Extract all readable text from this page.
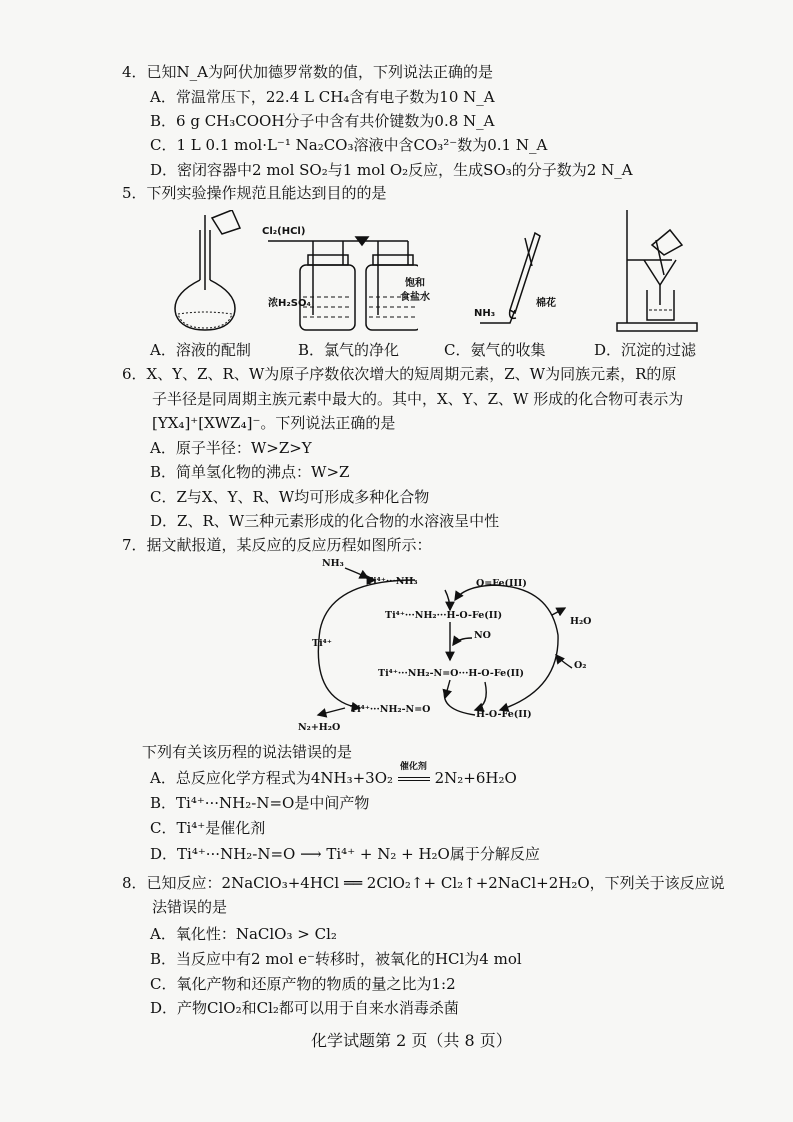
4．已知N_A为阿伏加德罗常数的值，下列说法正确的是
A．常温常压下，22.4 L CH₄含有电子数为10 N_A
B．6 g CH₃COOH分子中含有共价键数为0.8 N_A
C．1 L 0.1 mol·L⁻¹ Na₂CO₃溶液中含CO₃²⁻数为0.1 N_A
D．密闭容器中2 mol SO₂与1 mol O₂反应，生成SO₃的分子数为2 N_A
5．下列实验操作规范且能达到目的的是
Cl₂(HCl)
浓H₂SO₄
饱和
食盐水
NH₃
棉花
A．溶液的配制	B．氯气的净化	C．氨气的收集	D．沉淀的过滤
6．X、Y、Z、R、W为原子序数依次增大的短周期元素，Z、W为同族元素，R的原
子半径是同周期主族元素中最大的。其中，X、Y、Z、W 形成的化合物可表示为
[YX₄]⁺[XWZ₄]⁻。下列说法正确的是
A．原子半径：W>Z>Y
B．简单氢化物的沸点：W>Z
C．Z与X、Y、R、W均可形成多种化合物
D．Z、R、W三种元素形成的化合物的水溶液呈中性
7．据文献报道，某反应的反应历程如图所示：
NH₃
Ti⁴⁺···NH₃	O=Fe(III)
Ti⁴⁺···NH₂···H-O-Fe(II)
NO
H₂O
Ti⁴⁺
Ti⁴⁺···NH₂-N=O···H-O-Fe(II)
O₂
Ti⁴⁺···NH₂-N=O	H-O-Fe(II)
N₂+H₂O
下列有关该历程的说法错误的是
A．总反应化学方程式为4NH₃+3O₂
催化剂
2N₂+6H₂O
B．Ti⁴⁺···NH₂-N=O是中间产物
C．Ti⁴⁺是催化剂
D．Ti⁴⁺···NH₂-N=O ⟶ Ti⁴⁺ + N₂ + H₂O属于分解反应
8．已知反应：2NaClO₃+4HCl ══ 2ClO₂↑+ Cl₂↑+2NaCl+2H₂O，下列关于该反应说
法错误的是
A．氧化性：NaClO₃ > Cl₂
B．当反应中有2 mol e⁻转移时，被氧化的HCl为4 mol
C．氧化产物和还原产物的物质的量之比为1:2
D．产物ClO₂和Cl₂都可以用于自来水消毒杀菌
化学试题第 2 页（共 8 页）
